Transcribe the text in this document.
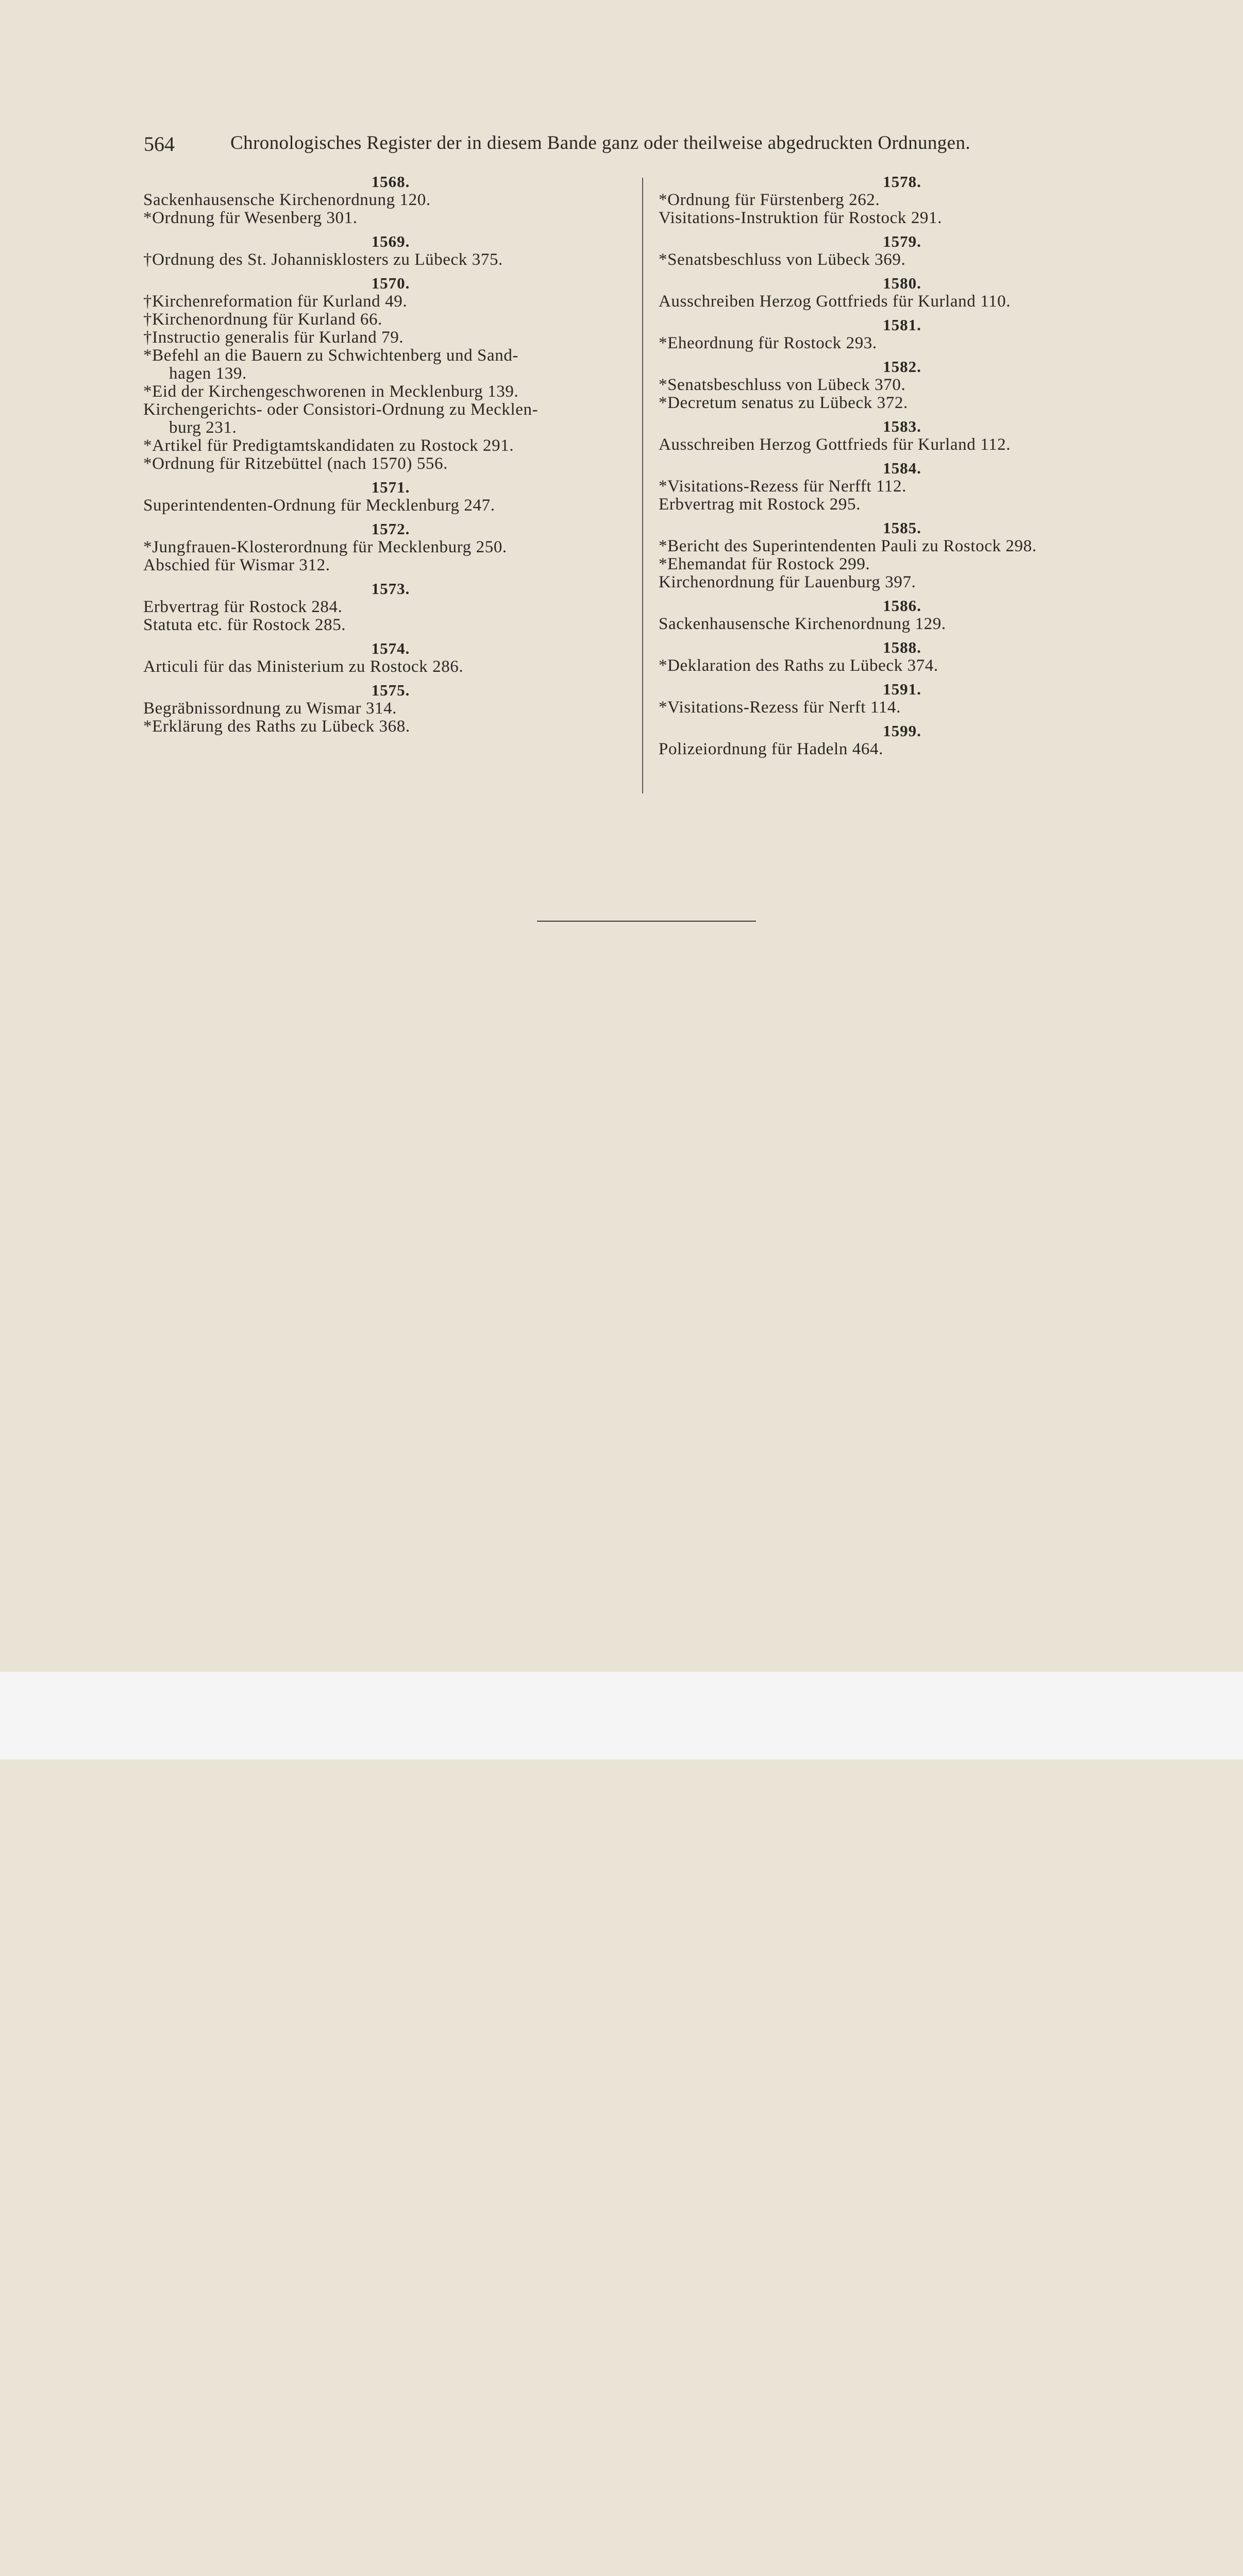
564	Chronologisches Register der in diesem Bande ganz oder theilweise abgedruckten Ordnungen.
1568.
Sackenhausensche Kirchenordnung 120.
*Ordnung für Wesenberg 301.
1569.
†Ordnung des St. Johannisklosters zu Lübeck 375.
1570.
†Kirchenreformation für Kurland 49.
†Kirchenordnung für Kurland 66.
†Instructio generalis für Kurland 79.
*Befehl an die Bauern zu Schwichtenberg und Sand-
hagen 139.
*Eid der Kirchengeschworenen in Mecklenburg 139.
Kirchengerichts- oder Consistori-Ordnung zu Mecklen-
burg 231.
*Artikel für Predigtamtskandidaten zu Rostock 291.
*Ordnung für Ritzebüttel (nach 1570) 556.
1571.
Superintendenten-Ordnung für Mecklenburg 247.
1572.
*Jungfrauen-Klosterordnung für Mecklenburg 250.
Abschied für Wismar 312.
1573.
Erbvertrag für Rostock 284.
Statuta etc. für Rostock 285.
1574.
Articuli für das Ministerium zu Rostock 286.
1575.
Begräbnissordnung zu Wismar 314.
*Erklärung des Raths zu Lübeck 368.
1578.
*Ordnung für Fürstenberg 262.
Visitations-Instruktion für Rostock 291.
1579.
*Senatsbeschluss von Lübeck 369.
1580.
Ausschreiben Herzog Gottfrieds für Kurland 110.
1581.
*Eheordnung für Rostock 293.
1582.
*Senatsbeschluss von Lübeck 370.
*Decretum senatus zu Lübeck 372.
1583.
Ausschreiben Herzog Gottfrieds für Kurland 112.
1584.
*Visitations-Rezess für Nerfft 112.
Erbvertrag mit Rostock 295.
1585.
*Bericht des Superintendenten Pauli zu Rostock 298.
*Ehemandat für Rostock 299.
Kirchenordnung für Lauenburg 397.
1586.
Sackenhausensche Kirchenordnung 129.
1588.
*Deklaration des Raths zu Lübeck 374.
1591.
*Visitations-Rezess für Nerft 114.
1599.
Polizeiordnung für Hadeln 464.
